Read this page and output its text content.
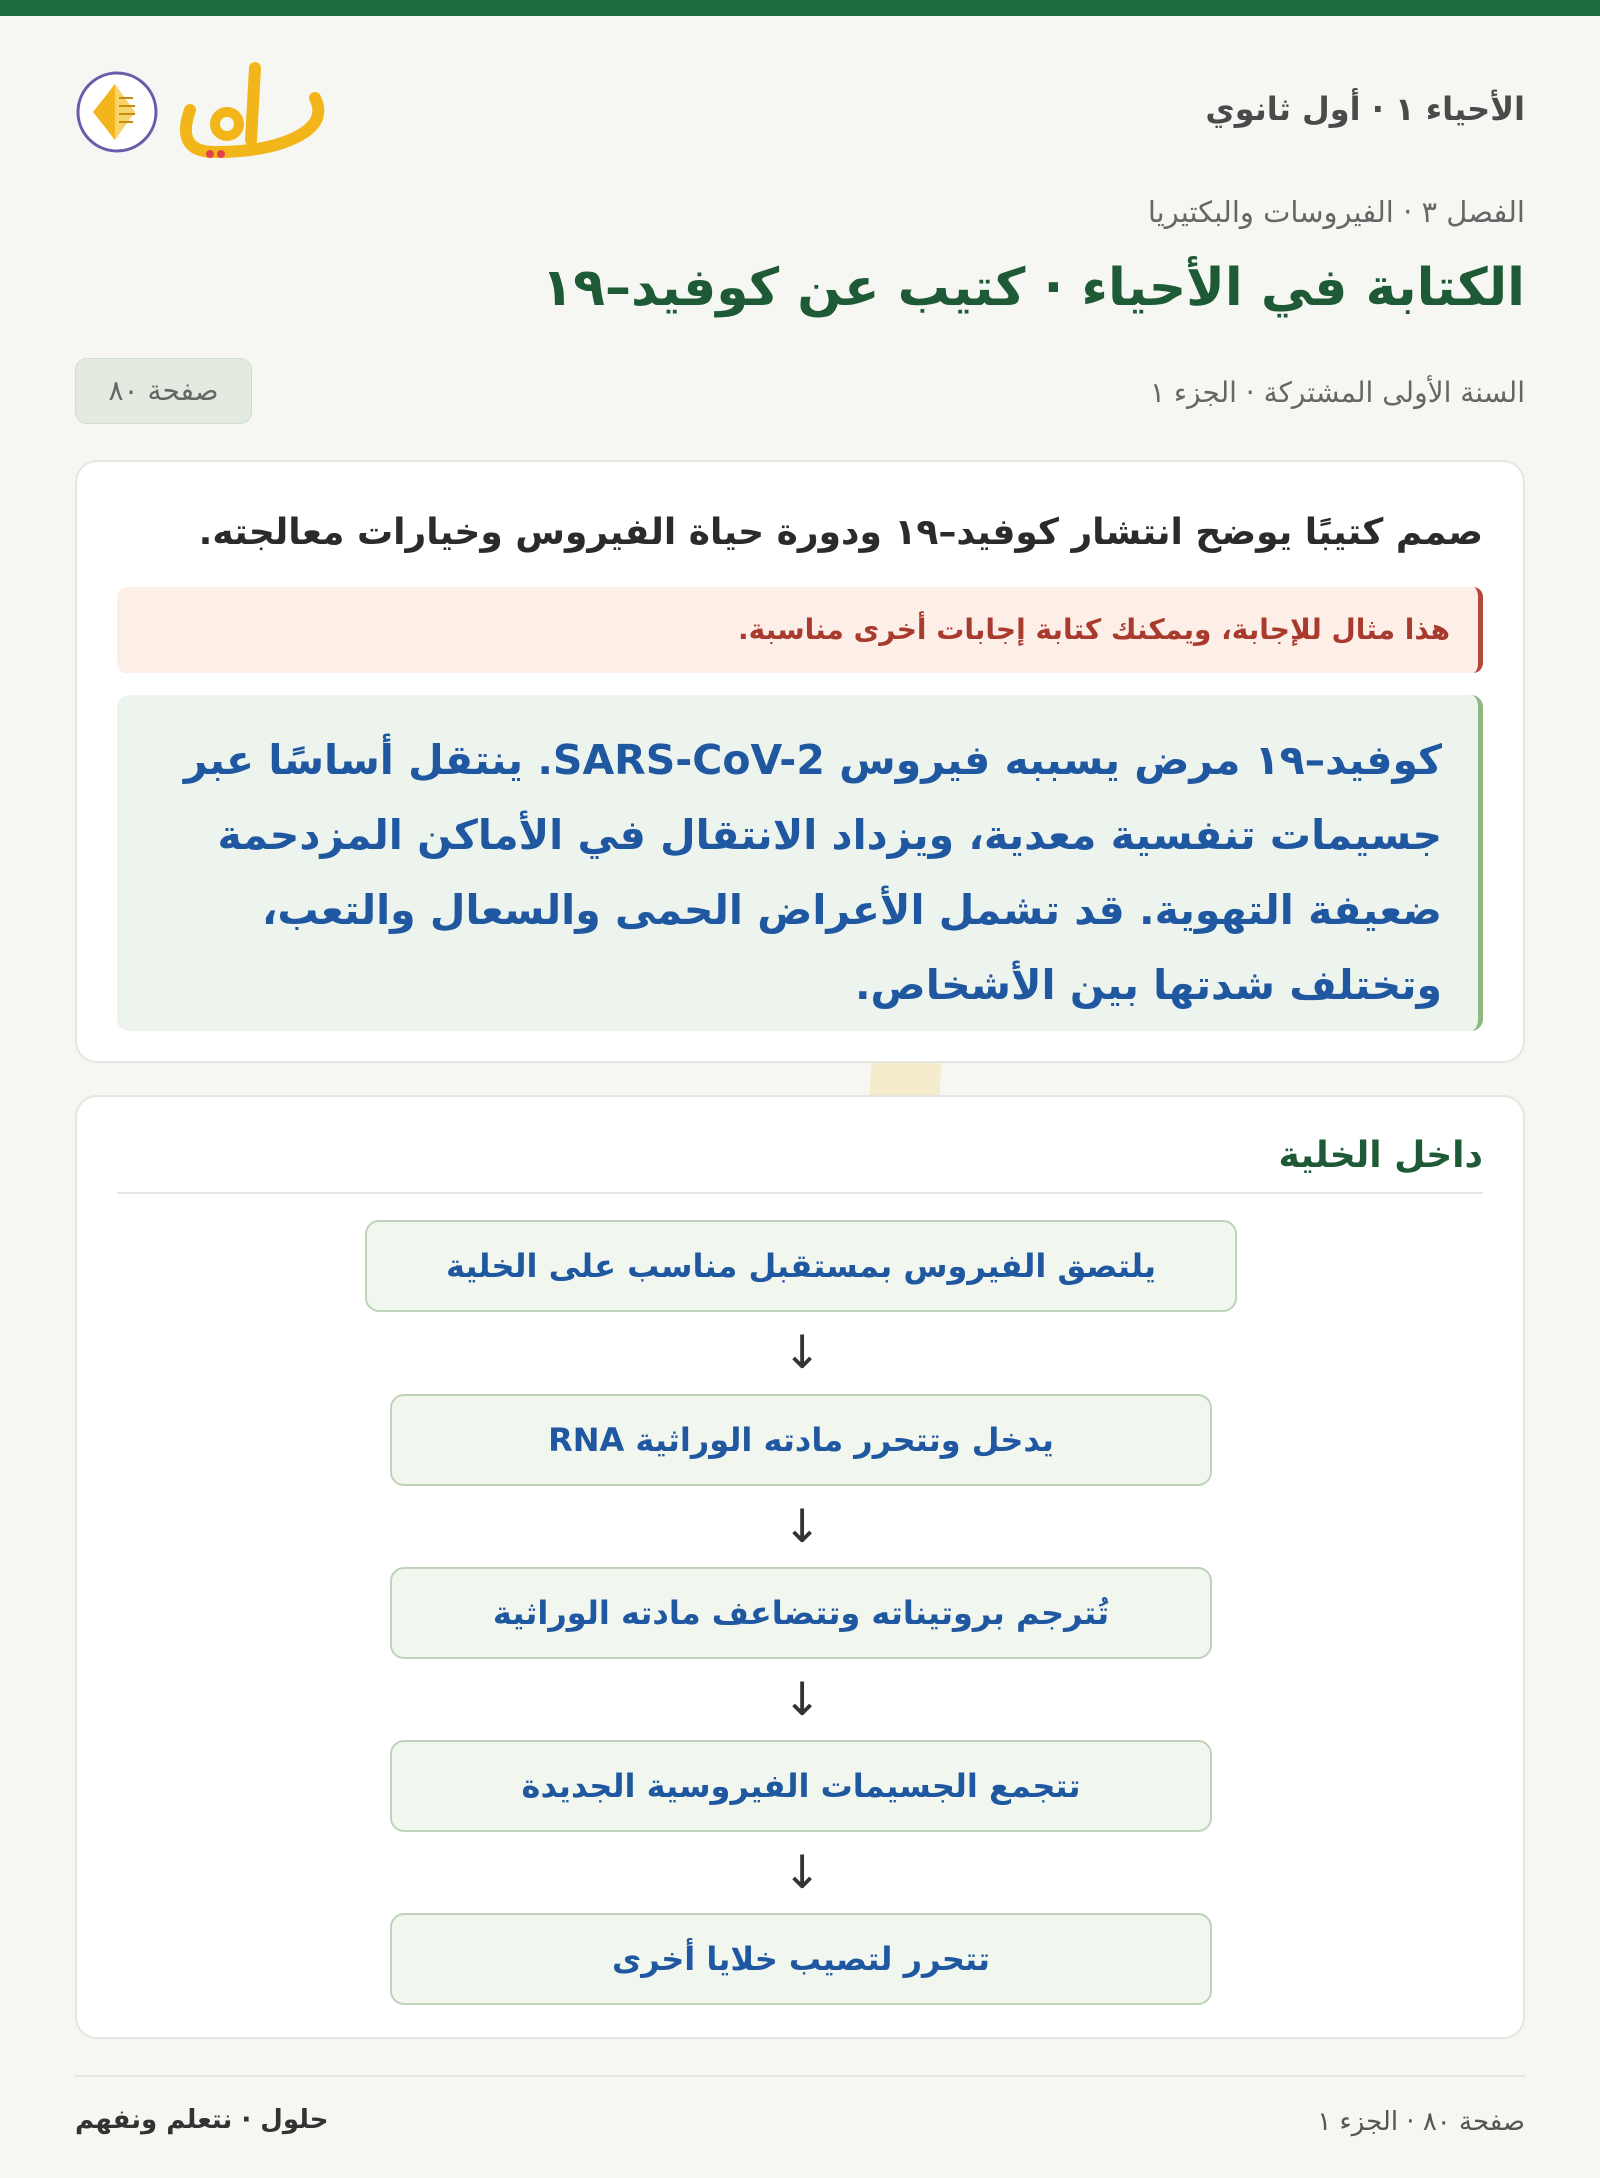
الأحياء ١ · أول ثانوي
الفصل ٣ · الفيروسات والبكتيريا
الكتابة في الأحياء · كتيب عن كوفيد–١٩
السنة الأولى المشتركة · الجزء ١
صفحة ٨٠
صمم كتيبًا يوضح انتشار كوفيد–١٩ ودورة حياة الفيروس وخيارات معالجته.
هذا مثال للإجابة، ويمكنك كتابة إجابات أخرى مناسبة.
كوفيد–١٩ مرض يسببه فيروس SARS-CoV-2. ينتقل أساسًا عبر جسيمات تنفسية معدية، ويزداد الانتقال في الأماكن المزدحمة ضعيفة التهوية. قد تشمل الأعراض الحمى والسعال والتعب، وتختلف شدتها بين الأشخاص.
داخل الخلية
يلتصق الفيروس بمستقبل مناسب على الخلية
↓
يدخل وتتحرر مادته الوراثية RNA
↓
تُترجم بروتيناته وتتضاعف مادته الوراثية
↓
تتجمع الجسيمات الفيروسية الجديدة
↓
تتحرر لتصيب خلايا أخرى
حلول · نتعلم ونفهم	صفحة ٨٠ · الجزء ١
